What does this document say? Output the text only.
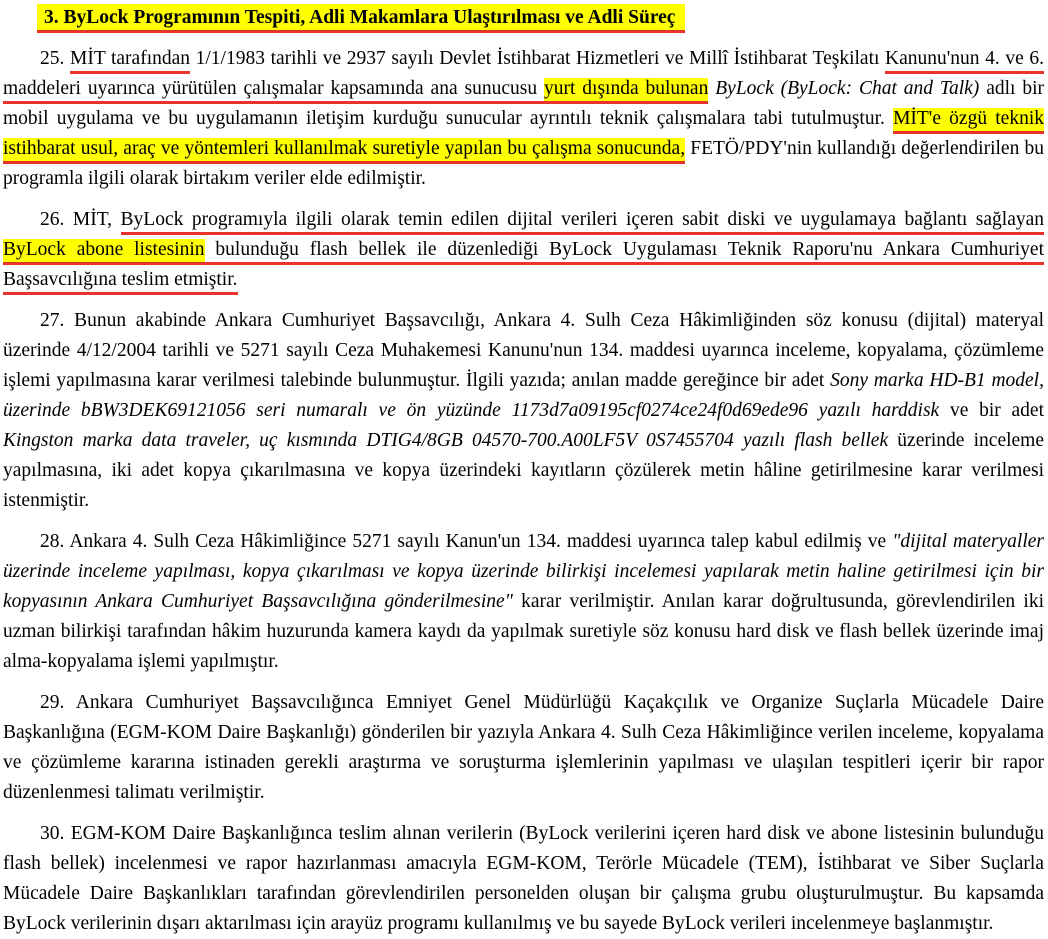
3. ByLock Programının Tespiti, Adli Makamlara Ulaştırılması ve Adli Süreç

25. MİT tarafından 1/1/1983 tarihli ve 2937 sayılı Devlet İstihbarat Hizmetleri ve Millî İstihbarat Teşkilatı Kanunu'nun 4. ve 6. maddeleri uyarınca yürütülen çalışmalar kapsamında ana sunucusu yurt dışında bulunan ByLock (ByLock: Chat and Talk) adlı bir mobil uygulama ve bu uygulamanın iletişim kurduğu sunucular ayrıntılı teknik çalışmalara tabi tutulmuştur. MİT'e özgü teknik istihbarat usul, araç ve yöntemleri kullanılmak suretiyle yapılan bu çalışma sonucunda, FETÖ/PDY'nin kullandığı değerlendirilen bu programla ilgili olarak birtakım veriler elde edilmiştir.

26. MİT, ByLock programıyla ilgili olarak temin edilen dijital verileri içeren sabit diski ve uygulamaya bağlantı sağlayan ByLock abone listesinin bulunduğu flash bellek ile düzenlediği ByLock Uygulaması Teknik Raporu'nu Ankara Cumhuriyet Başsavcılığına teslim etmiştir.

27. Bunun akabinde Ankara Cumhuriyet Başsavcılığı, Ankara 4. Sulh Ceza Hâkimliğinden söz konusu (dijital) materyal üzerinde 4/12/2004 tarihli ve 5271 sayılı Ceza Muhakemesi Kanunu'nun 134. maddesi uyarınca inceleme, kopyalama, çözümleme işlemi yapılmasına karar verilmesi talebinde bulunmuştur. İlgili yazıda; anılan madde gereğince bir adet Sony marka HD-B1 model, üzerinde bBW3DEK69121056 seri numaralı ve ön yüzünde 1173d7a09195cf0274ce24f0d69ede96 yazılı harddisk ve bir adet Kingston marka data traveler, uç kısmında DTIG4/8GB 04570-700.A00LF5V 0S7455704 yazılı flash bellek üzerinde inceleme yapılmasına, iki adet kopya çıkarılmasına ve kopya üzerindeki kayıtların çözülerek metin hâline getirilmesine karar verilmesi istenmiştir.

28. Ankara 4. Sulh Ceza Hâkimliğince 5271 sayılı Kanun'un 134. maddesi uyarınca talep kabul edilmiş ve "dijital materyaller üzerinde inceleme yapılması, kopya çıkarılması ve kopya üzerinde bilirkişi incelemesi yapılarak metin haline getirilmesi için bir kopyasının Ankara Cumhuriyet Başsavcılığına gönderilmesine" karar verilmiştir. Anılan karar doğrultusunda, görevlendirilen iki uzman bilirkişi tarafından hâkim huzurunda kamera kaydı da yapılmak suretiyle söz konusu hard disk ve flash bellek üzerinde imaj alma-kopyalama işlemi yapılmıştır.

29. Ankara Cumhuriyet Başsavcılığınca Emniyet Genel Müdürlüğü Kaçakçılık ve Organize Suçlarla Mücadele Daire Başkanlığına (EGM-KOM Daire Başkanlığı) gönderilen bir yazıyla Ankara 4. Sulh Ceza Hâkimliğince verilen inceleme, kopyalama ve çözümleme kararına istinaden gerekli araştırma ve soruşturma işlemlerinin yapılması ve ulaşılan tespitleri içerir bir rapor düzenlenmesi talimatı verilmiştir.

30. EGM-KOM Daire Başkanlığınca teslim alınan verilerin (ByLock verilerini içeren hard disk ve abone listesinin bulunduğu flash bellek) incelenmesi ve rapor hazırlanması amacıyla EGM-KOM, Terörle Mücadele (TEM), İstihbarat ve Siber Suçlarla Mücadele Daire Başkanlıkları tarafından görevlendirilen personelden oluşan bir çalışma grubu oluşturulmuştur. Bu kapsamda ByLock verilerinin dışarı aktarılması için arayüz programı kullanılmış ve bu sayede ByLock verileri incelenmeye başlanmıştır.
